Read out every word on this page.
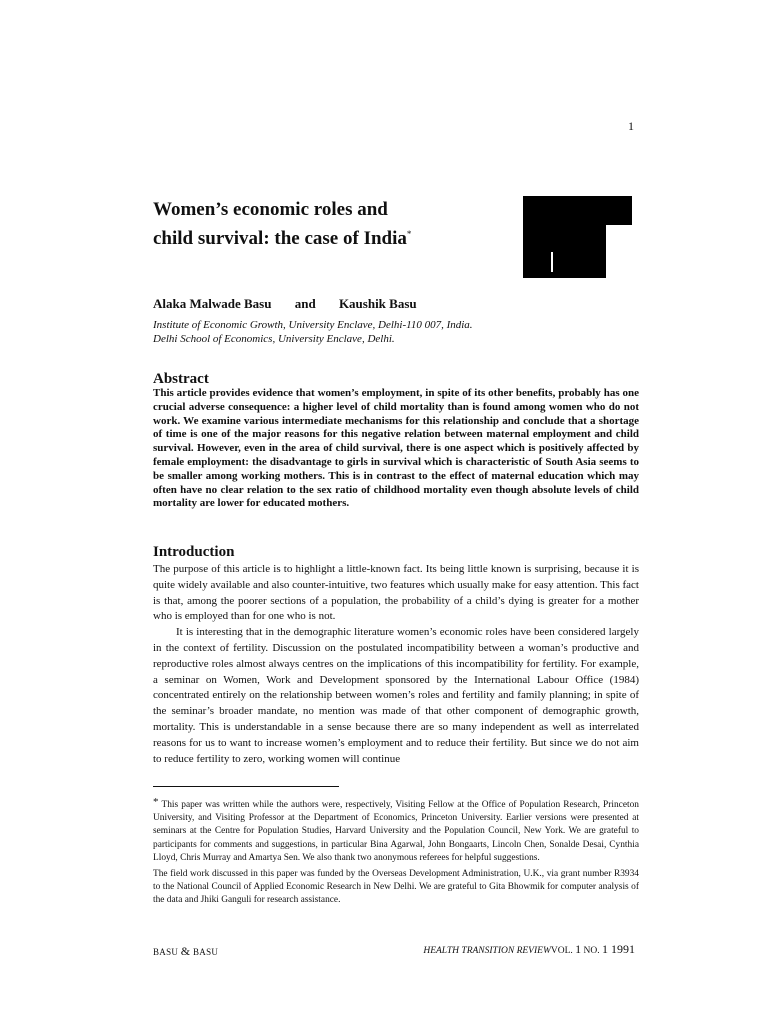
1
Women’s economic roles and
child survival: the case of India*
Alaka Malwade Basu and Kaushik Basu
Institute of Economic Growth, University Enclave, Delhi-110 007, India.
Delhi School of Economics, University Enclave, Delhi.
Abstract
This article provides evidence that women’s employment, in spite of its other benefits, probably has one crucial adverse consequence: a higher level of child mortality than is found among women who do not work. We examine various intermediate mechanisms for this relationship and conclude that a shortage of time is one of the major reasons for this negative relation between maternal employment and child survival. However, even in the area of child survival, there is one aspect which is positively affected by female employment: the disadvantage to girls in survival which is characteristic of South Asia seems to be smaller among working mothers. This is in contrast to the effect of maternal education which may often have no clear relation to the sex ratio of childhood mortality even though absolute levels of child mortality are lower for educated mothers.
Introduction

The purpose of this article is to highlight a little-known fact. Its being little known is surprising, because it is quite widely available and also counter-intuitive, two features which usually make for easy attention. This fact is that, among the poorer sections of a population, the probability of a child’s dying is greater for a mother who is employed than for one who is not.

It is interesting that in the demographic literature women’s economic roles have been considered largely in the context of fertility. Discussion on the postulated incompatibility between a woman’s productive and reproductive roles almost always centres on the implications of this incompatibility for fertility. For example, a seminar on Women, Work and Development sponsored by the International Labour Office (1984) concentrated entirely on the relationship between women’s roles and fertility and family planning; in spite of the seminar’s broader mandate, no mention was made of that other component of demographic growth, mortality. This is understandable in a sense because there are so many independent as well as interrelated reasons for us to want to increase women’s employment and to reduce their fertility. But since we do not aim to reduce fertility to zero, working women will continue

* This paper was written while the authors were, respectively, Visiting Fellow at the Office of Population Research, Princeton University, and Visiting Professor at the Department of Economics, Princeton University. Earlier versions were presented at seminars at the Centre for Population Studies, Harvard University and the Population Council, New York. We are grateful to participants for comments and suggestions, in particular Bina Agarwal, John Bongaarts, Lincoln Chen, Sonalde Desai, Cynthia Lloyd, Chris Murray and Amartya Sen. We also thank two anonymous referees for helpful suggestions.

The field work discussed in this paper was funded by the Overseas Development Administration, U.K., via grant number R3934 to the National Council of Applied Economic Research in New Delhi. We are grateful to Gita Bhowmik for computer analysis of the data and Jhiki Ganguli for research assistance.

BASU & BASU	HEALTH TRANSITION REVIEWVOL. 1 NO. 1 1991
